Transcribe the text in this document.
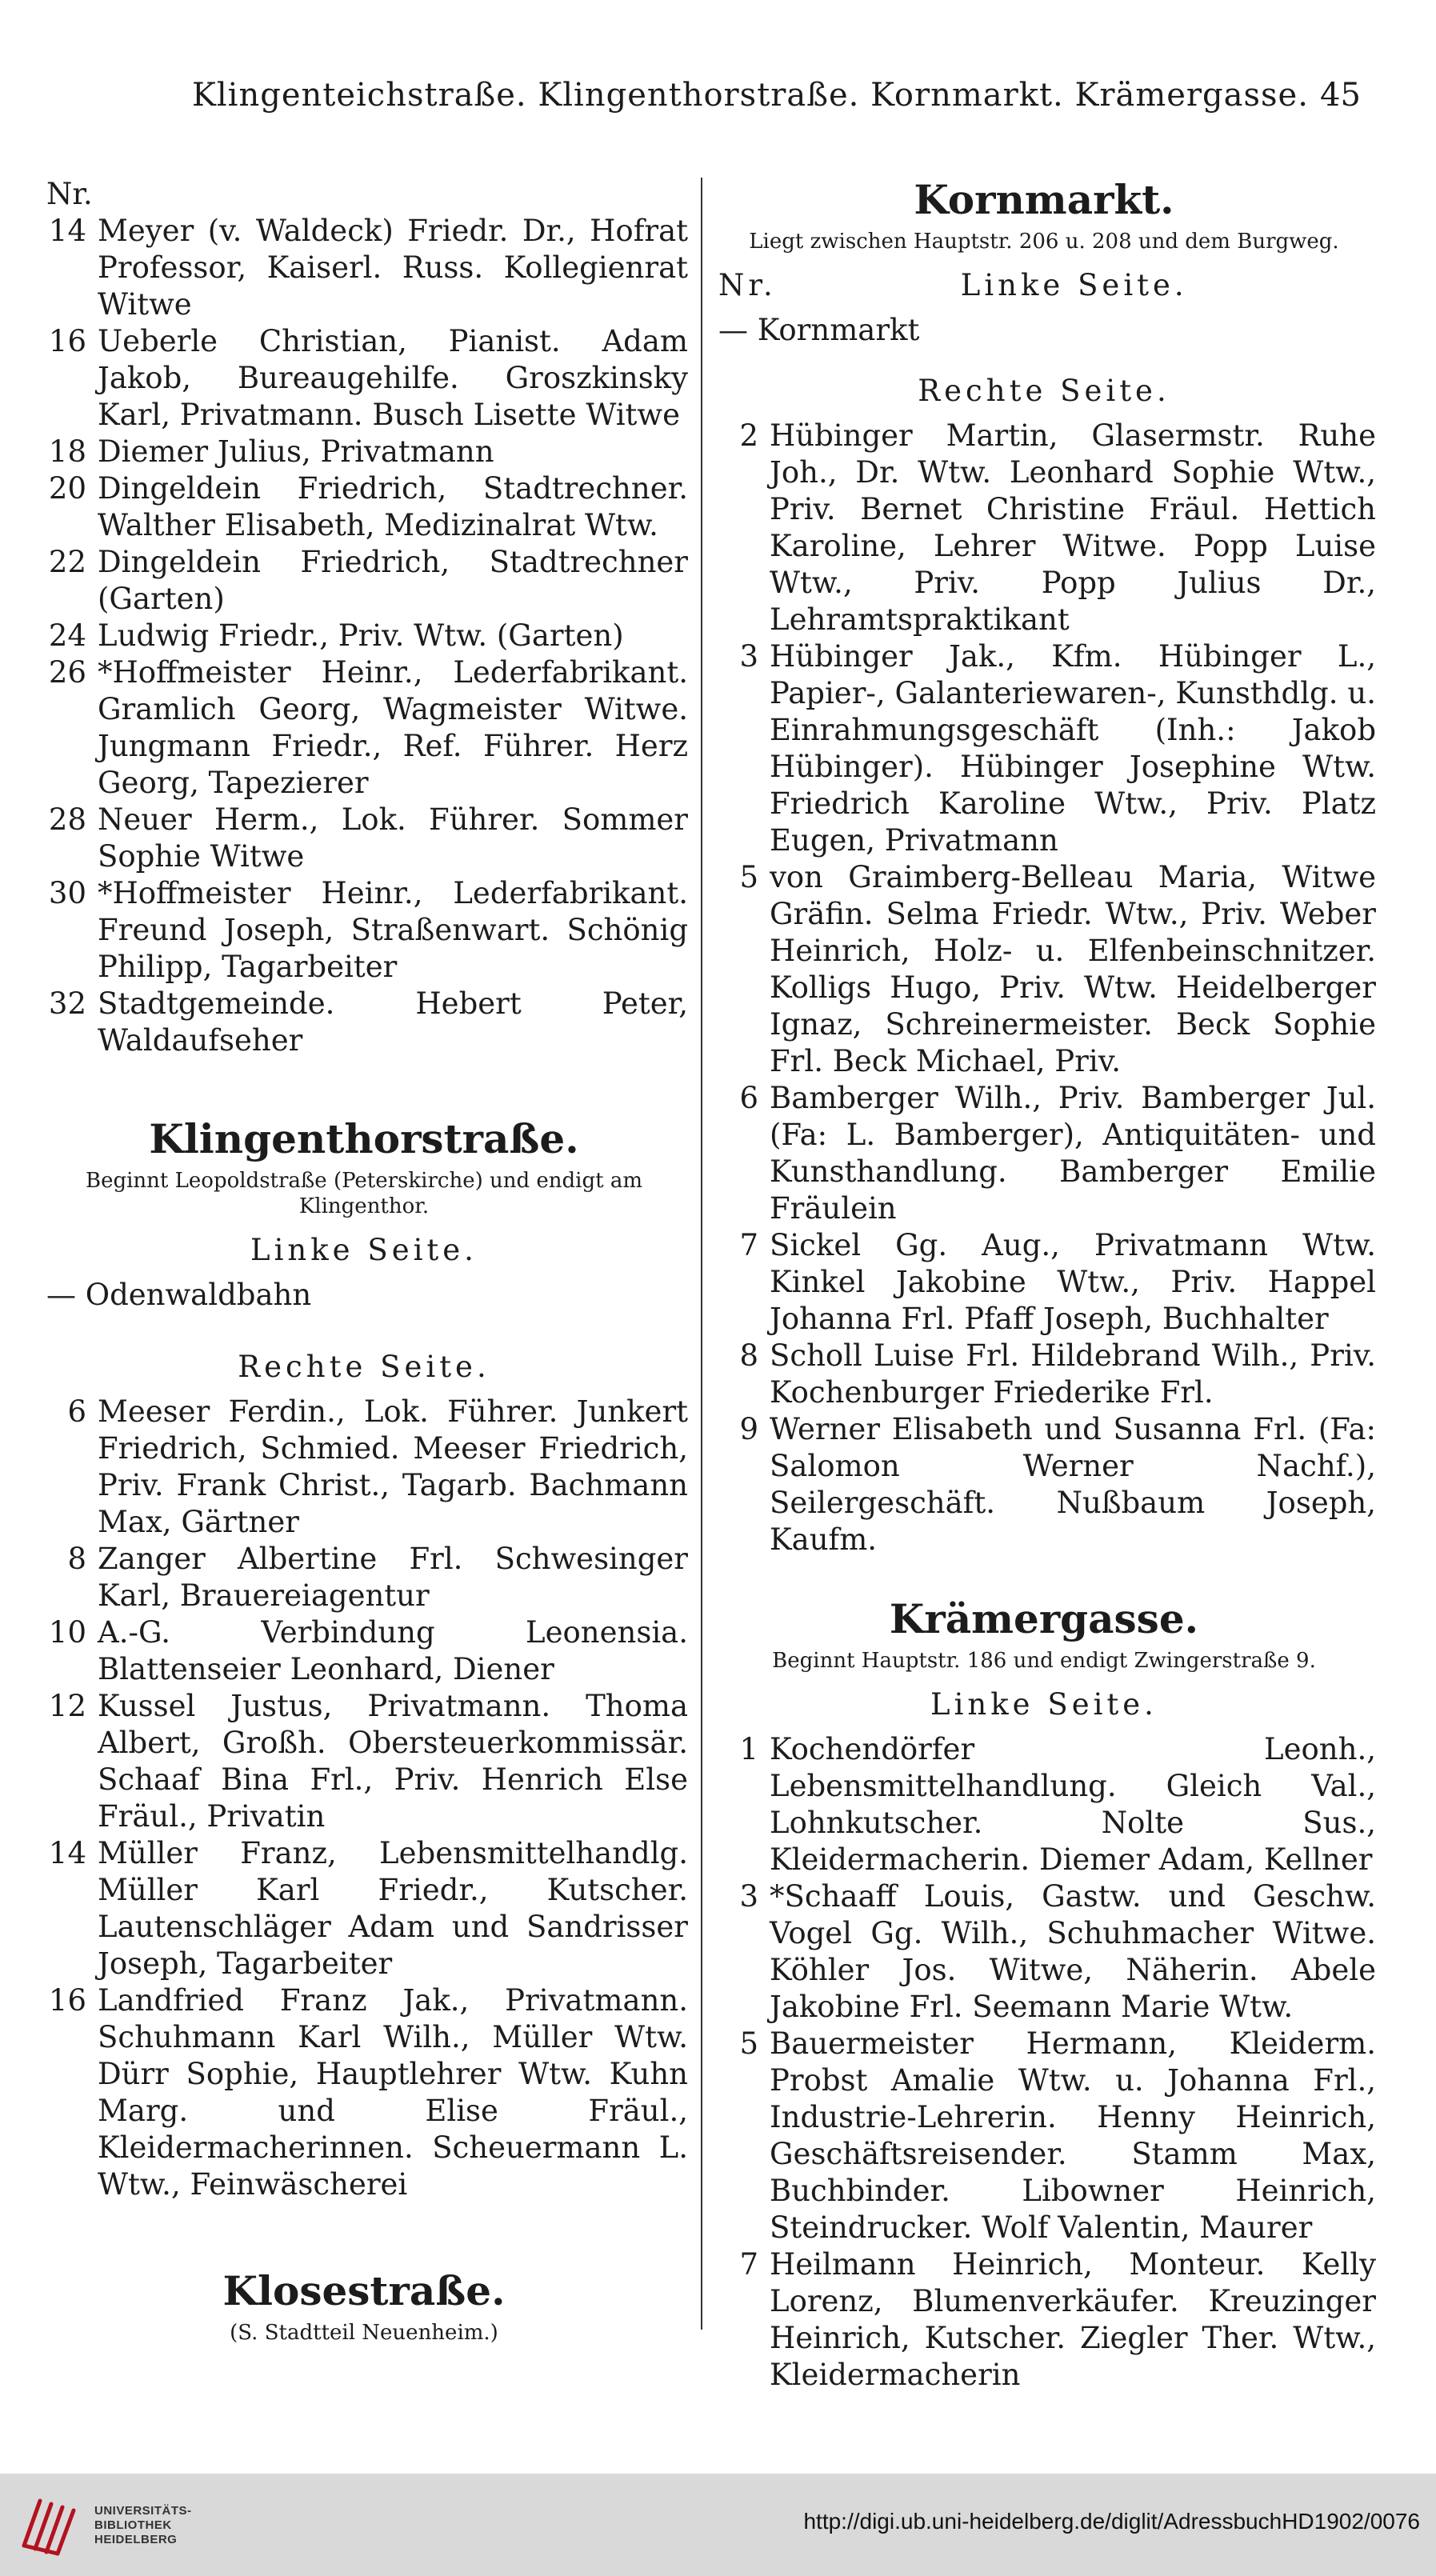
Klingenteichstraße. Klingenthorstraße. Kornmarkt. Krämergasse. 45
Nr.
14 Meyer (v. Waldeck) Friedr. Dr., Hofrat Professor, Kaiserl. Russ. Kollegienrat Witwe
16 Ueberle Christian, Pianist. Adam Jakob, Bureaugehilfe. Groszkinsky Karl, Privatmann. Busch Lisette Witwe
18 Diemer Julius, Privatmann
20 Dingeldein Friedrich, Stadtrechner. Walther Elisabeth, Medizinalrat Wtw.
22 Dingeldein Friedrich, Stadtrechner (Garten)
24 Ludwig Friedr., Priv. Wtw. (Garten)
26 *Hoffmeister Heinr., Lederfabrikant. Gramlich Georg, Wagmeister Witwe. Jungmann Friedr., Ref. Führer. Herz Georg, Tapezierer
28 Neuer Herm., Lok. Führer. Sommer Sophie Witwe
30 *Hoffmeister Heinr., Lederfabrikant. Freund Joseph, Straßenwart. Schönig Philipp, Tagarbeiter
32 Stadtgemeinde. Hebert Peter, Waldaufseher
Klingenthorstraße.
Beginnt Leopoldstraße (Peterskirche) und endigt am Klingenthor.
Linke Seite.
— Odenwaldbahn
Rechte Seite.
6 Meeser Ferdin., Lok. Führer. Junkert Friedrich, Schmied. Meeser Friedrich, Priv. Frank Christ., Tagarb. Bachmann Max, Gärtner
8 Zanger Albertine Frl. Schwesinger Karl, Brauereiagentur
10 A.-G. Verbindung Leonensia. Blattenseier Leonhard, Diener
12 Kussel Justus, Privatmann. Thoma Albert, Großh. Obersteuerkommissär. Schaaf Bina Frl., Priv. Henrich Else Fräul., Privatin
14 Müller Franz, Lebensmittelhandlg. Müller Karl Friedr., Kutscher. Lautenschläger Adam und Sandrisser Joseph, Tagarbeiter
16 Landfried Franz Jak., Privatmann. Schuhmann Karl Wilh., Müller Wtw. Dürr Sophie, Hauptlehrer Wtw. Kuhn Marg. und Elise Fräul., Kleidermacherinnen. Scheuermann L. Wtw., Feinwäscherei
Klosestraße.
(S. Stadtteil Neuenheim.)
Kornmarkt.
Liegt zwischen Hauptstr. 206 u. 208 und dem Burgweg.
Nr.	Linke Seite.
— Kornmarkt
Rechte Seite.
2 Hübinger Martin, Glasermstr. Ruhe Joh., Dr. Wtw. Leonhard Sophie Wtw., Priv. Bernet Christine Fräul. Hettich Karoline, Lehrer Witwe. Popp Luise Wtw., Priv. Popp Julius Dr., Lehramtspraktikant
3 Hübinger Jak., Kfm. Hübinger L., Papier-, Galanteriewaren-, Kunsthdlg. u. Einrahmungsgeschäft (Inh.: Jakob Hübinger). Hübinger Josephine Wtw. Friedrich Karoline Wtw., Priv. Platz Eugen, Privatmann
5 von Graimberg-Belleau Maria, Witwe Gräfin. Selma Friedr. Wtw., Priv. Weber Heinrich, Holz- u. Elfenbeinschnitzer. Kolligs Hugo, Priv. Wtw. Heidelberger Ignaz, Schreinermeister. Beck Sophie Frl. Beck Michael, Priv.
6 Bamberger Wilh., Priv. Bamberger Jul. (Fa: L. Bamberger), Antiquitäten- und Kunsthandlung. Bamberger Emilie Fräulein
7 Sickel Gg. Aug., Privatmann Wtw. Kinkel Jakobine Wtw., Priv. Happel Johanna Frl. Pfaff Joseph, Buchhalter
8 Scholl Luise Frl. Hildebrand Wilh., Priv. Kochenburger Friederike Frl.
9 Werner Elisabeth und Susanna Frl. (Fa: Salomon Werner Nachf.), Seilergeschäft. Nußbaum Joseph, Kaufm.
Krämergasse.
Beginnt Hauptstr. 186 und endigt Zwingerstraße 9.
Linke Seite.
1 Kochendörfer Leonh., Lebensmittelhandlung. Gleich Val., Lohnkutscher. Nolte Sus., Kleidermacherin. Diemer Adam, Kellner
3 *Schaaff Louis, Gastw. und Geschw. Vogel Gg. Wilh., Schuhmacher Witwe. Köhler Jos. Witwe, Näherin. Abele Jakobine Frl. Seemann Marie Wtw.
5 Bauermeister Hermann, Kleiderm. Probst Amalie Wtw. u. Johanna Frl., Industrie-Lehrerin. Henny Heinrich, Geschäftsreisender. Stamm Max, Buchbinder. Libowner Heinrich, Steindrucker. Wolf Valentin, Maurer
7 Heilmann Heinrich, Monteur. Kelly Lorenz, Blumenverkäufer. Kreuzinger Heinrich, Kutscher. Ziegler Ther. Wtw., Kleidermacherin
UNIVERSITÄTS-
BIBLIOTHEK
HEIDELBERG
http://digi.ub.uni-heidelberg.de/diglit/AdressbuchHD1902/0076
